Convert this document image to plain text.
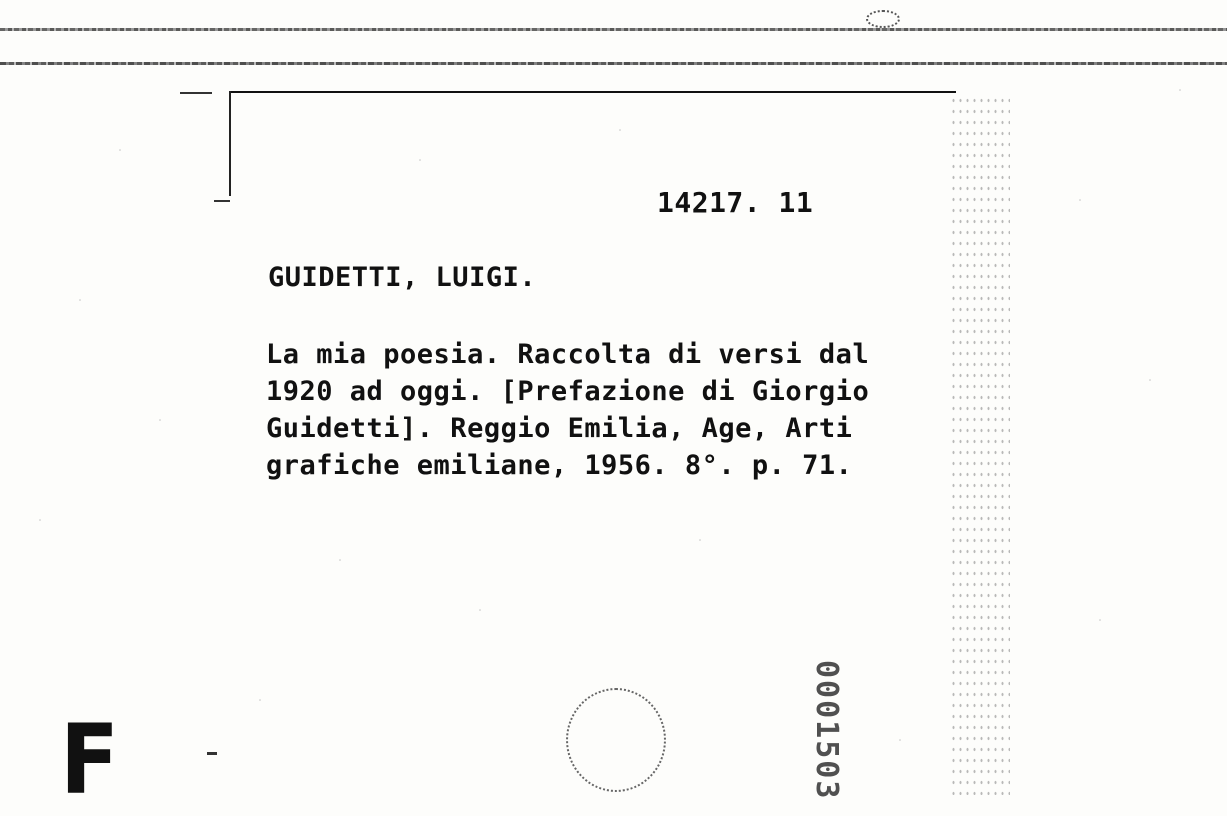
14217. 11

GUIDETTI, LUIGI.

La mia poesia. Raccolta di versi dal

1920 ad oggi. [Prefazione di Giorgio

Guidetti]. Reggio Emilia, Age, Arti

grafiche emiliane, 1956. 8°. p. 71.

F	0001503
